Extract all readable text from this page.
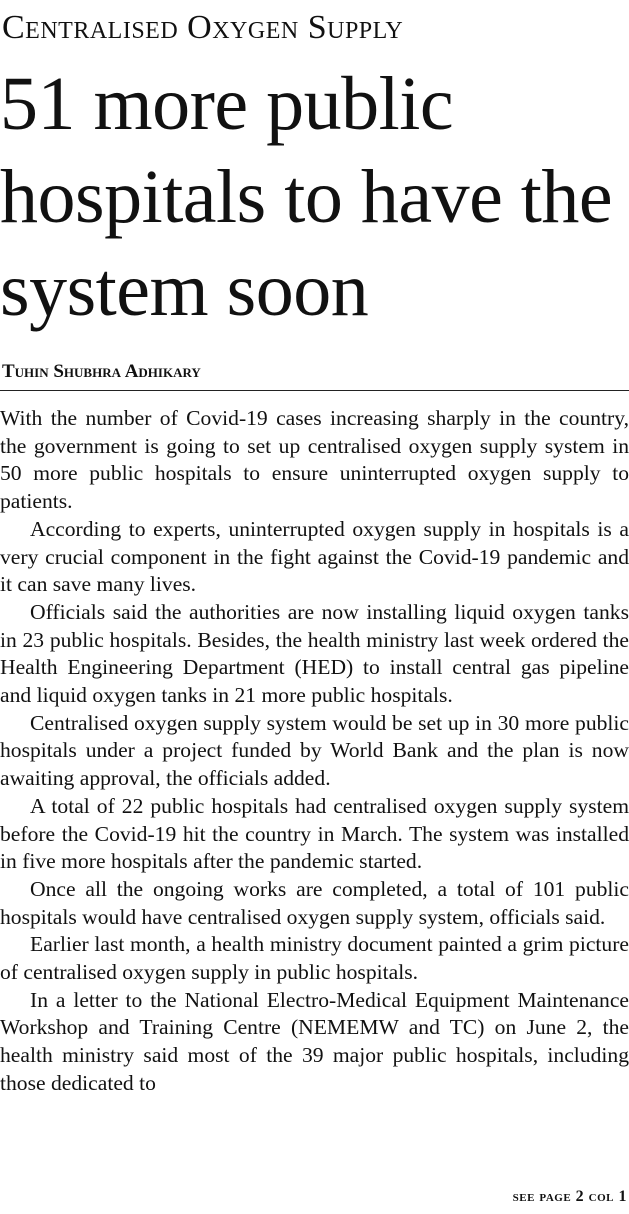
Centralised Oxygen Supply
51 more public hospitals to have the system soon
Tuhin Shubhra Adhikary

With the number of Covid-19 cases increasing sharply in the country, the government is going to set up centralised oxygen supply system in 50 more public hospitals to ensure uninterrupted oxygen supply to patients.

According to experts, uninterrupted oxygen supply in hospitals is a very crucial component in the fight against the Covid-19 pandemic and it can save many lives.

Officials said the authorities are now installing liquid oxygen tanks in 23 public hospitals. Besides, the health ministry last week ordered the Health Engineering Department (HED) to install central gas pipeline and liquid oxygen tanks in 21 more public hospitals.

Centralised oxygen supply system would be set up in 30 more public hospitals under a project funded by World Bank and the plan is now awaiting approval, the officials added.

A total of 22 public hospitals had centralised oxygen supply system before the Covid-19 hit the country in March. The system was installed in five more hospitals after the pandemic started.

Once all the ongoing works are completed, a total of 101 public hospitals would have centralised oxygen supply system, officials said.

Earlier last month, a health ministry document painted a grim picture of centralised oxygen supply in public hospitals.

In a letter to the National Electro-Medical Equipment Maintenance Workshop and Training Centre (NEMEMW and TC) on June 2, the health ministry said most of the 39 major public hospitals, including those dedicated to

see page 2 col 1
